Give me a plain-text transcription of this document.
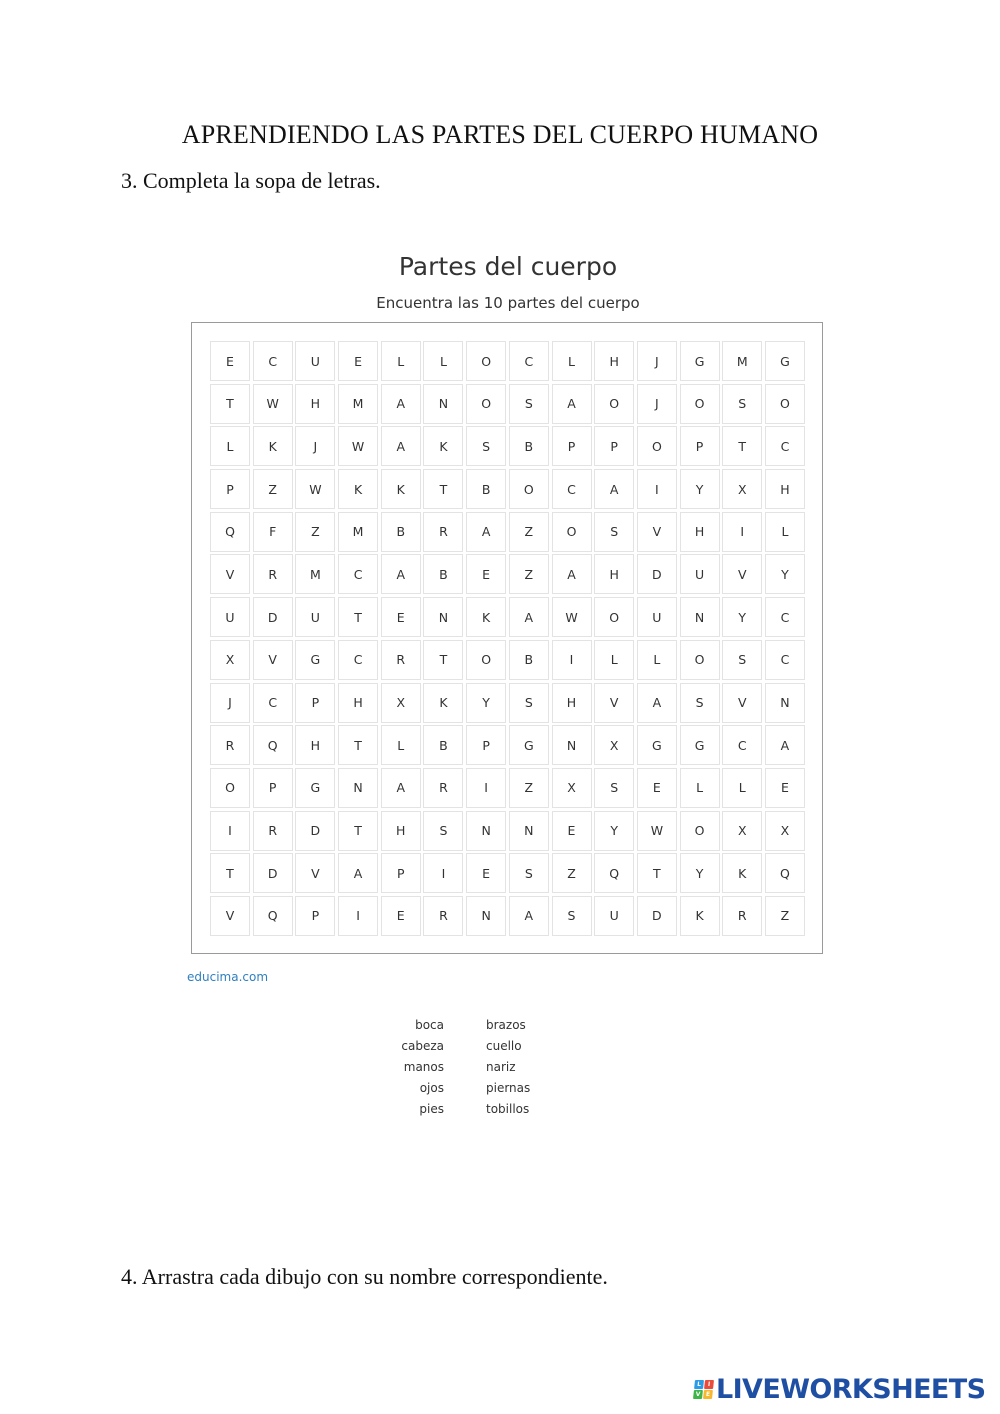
APRENDIENDO LAS PARTES DEL CUERPO HUMANO
3. Completa la sopa de letras.
Partes del cuerpo
Encuentra las 10 partes del cuerpo
E	C	U	E	L	L	O	C	L	H	J	G	M	G
T	W	H	M	A	N	O	S	A	O	J	O	S	O
L	K	J	W	A	K	S	B	P	P	O	P	T	C
P	Z	W	K	K	T	B	O	C	A	I	Y	X	H
Q	F	Z	M	B	R	A	Z	O	S	V	H	I	L
V	R	M	C	A	B	E	Z	A	H	D	U	V	Y
U	D	U	T	E	N	K	A	W	O	U	N	Y	C
X	V	G	C	R	T	O	B	I	L	L	O	S	C
J	C	P	H	X	K	Y	S	H	V	A	S	V	N
R	Q	H	T	L	B	P	G	N	X	G	G	C	A
O	P	G	N	A	R	I	Z	X	S	E	L	L	E
I	R	D	T	H	S	N	N	E	Y	W	O	X	X
T	D	V	A	P	I	E	S	Z	Q	T	Y	K	Q
V	Q	P	I	E	R	N	A	S	U	D	K	R	Z
educima.com
boca
cabeza
manos
ojos
pies
brazos
cuello
nariz
piernas
tobillos
4. Arrastra cada dibujo con su nombre correspondiente.
L	I
V E LIVEWORKSHEETS
